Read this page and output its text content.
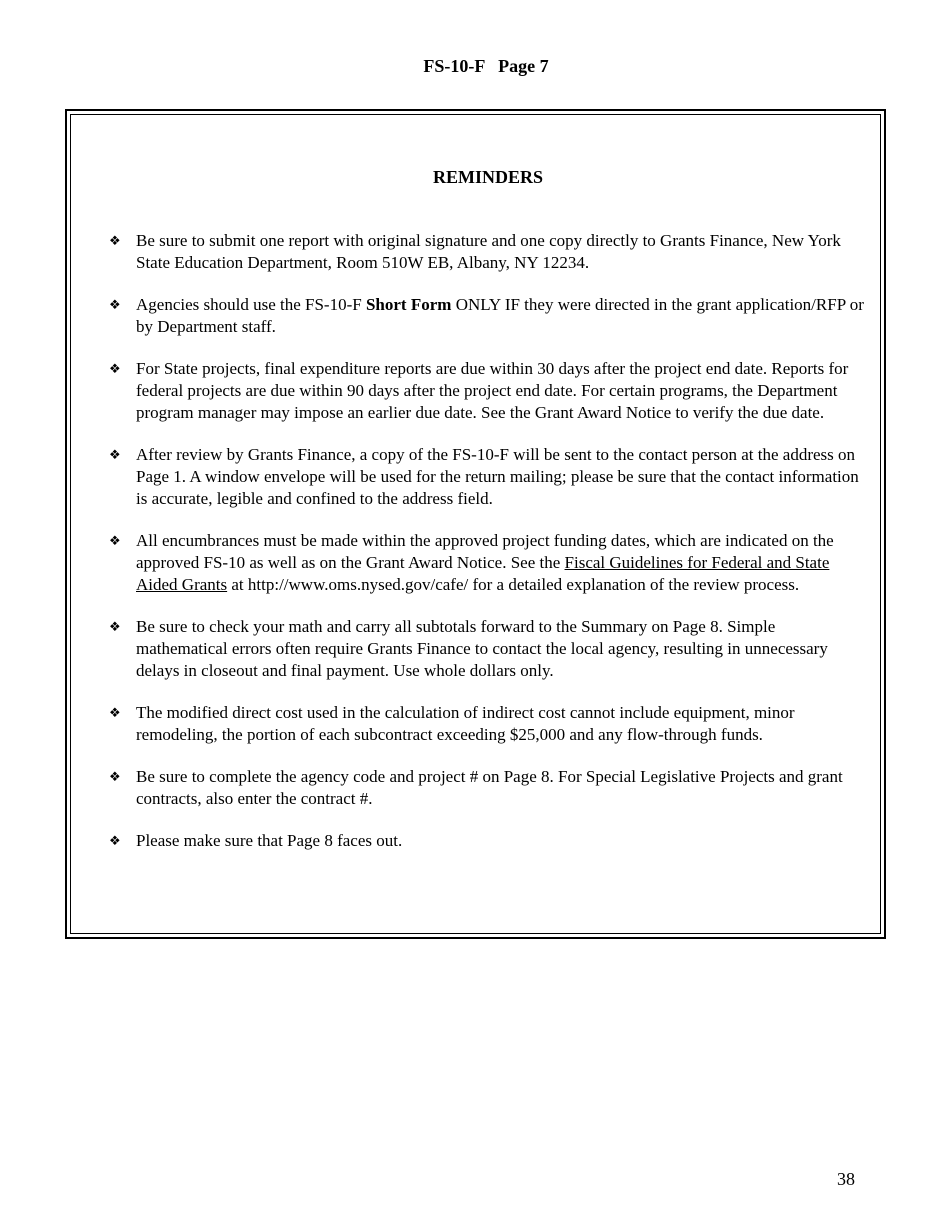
FS-10-F   Page 7
REMINDERS
❖ Be sure to submit one report with original signature and one copy directly to Grants Finance, New York State Education Department, Room 510W EB, Albany, NY 12234.
❖ Agencies should use the FS-10-F Short Form ONLY IF they were directed in the grant application/RFP or by Department staff.
❖ For State projects, final expenditure reports are due within 30 days after the project end date. Reports for federal projects are due within 90 days after the project end date. For certain programs, the Department program manager may impose an earlier due date. See the Grant Award Notice to verify the due date.
❖ After review by Grants Finance, a copy of the FS-10-F will be sent to the contact person at the address on Page 1. A window envelope will be used for the return mailing; please be sure that the contact information is accurate, legible and confined to the address field.
❖ All encumbrances must be made within the approved project funding dates, which are indicated on the approved FS-10 as well as on the Grant Award Notice. See the Fiscal Guidelines for Federal and State Aided Grants at http://www.oms.nysed.gov/cafe/ for a detailed explanation of the review process.
❖ Be sure to check your math and carry all subtotals forward to the Summary on Page 8. Simple mathematical errors often require Grants Finance to contact the local agency, resulting in unnecessary delays in closeout and final payment. Use whole dollars only.
❖ The modified direct cost used in the calculation of indirect cost cannot include equipment, minor remodeling, the portion of each subcontract exceeding $25,000 and any flow-through funds.
❖ Be sure to complete the agency code and project # on Page 8. For Special Legislative Projects and grant contracts, also enter the contract #.
❖ Please make sure that Page 8 faces out.
38
